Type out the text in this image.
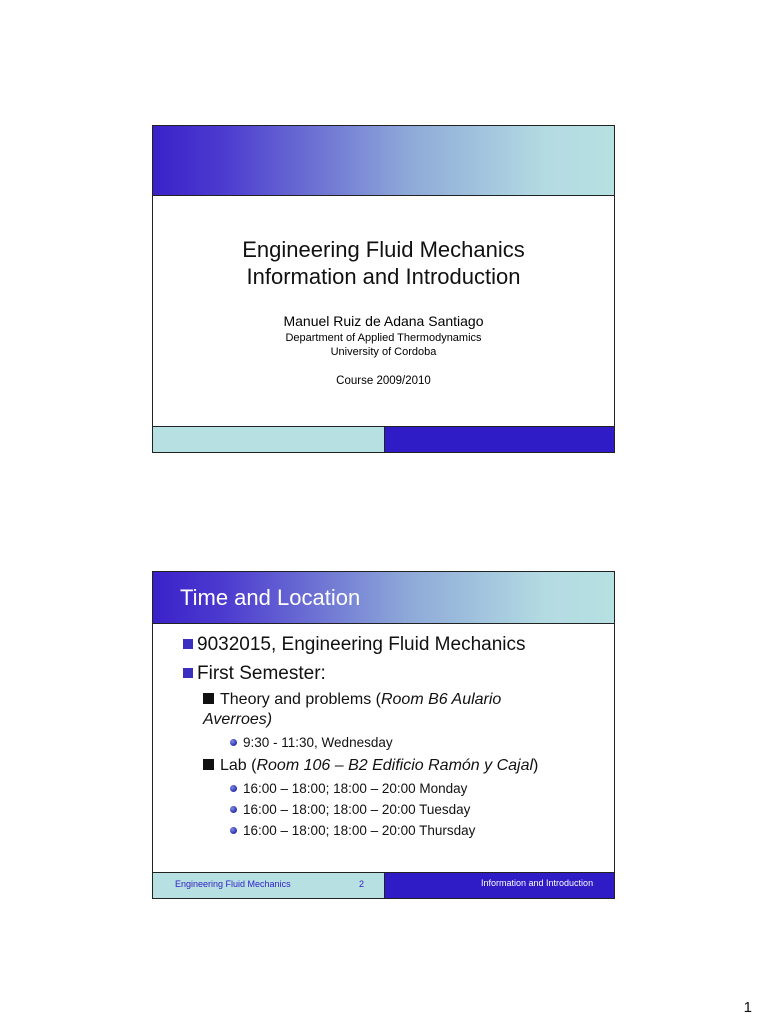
Engineering Fluid Mechanics
Information and Introduction
Manuel Ruiz de Adana Santiago
Department of Applied Thermodynamics
University of Cordoba
Course 2009/2010
Time and Location
9032015, Engineering Fluid Mechanics
First Semester:
Theory and problems (Room B6 Aulario Averroes)
9:30 - 11:30, Wednesday
Lab (Room 106 – B2 Edificio Ramón y Cajal)
16:00 – 18:00; 18:00 – 20:00 Monday
16:00 – 18:00; 18:00 – 20:00 Tuesday
16:00 – 18:00; 18:00 – 20:00 Thursday
Engineering Fluid Mechanics	2	Information and Introduction
1
